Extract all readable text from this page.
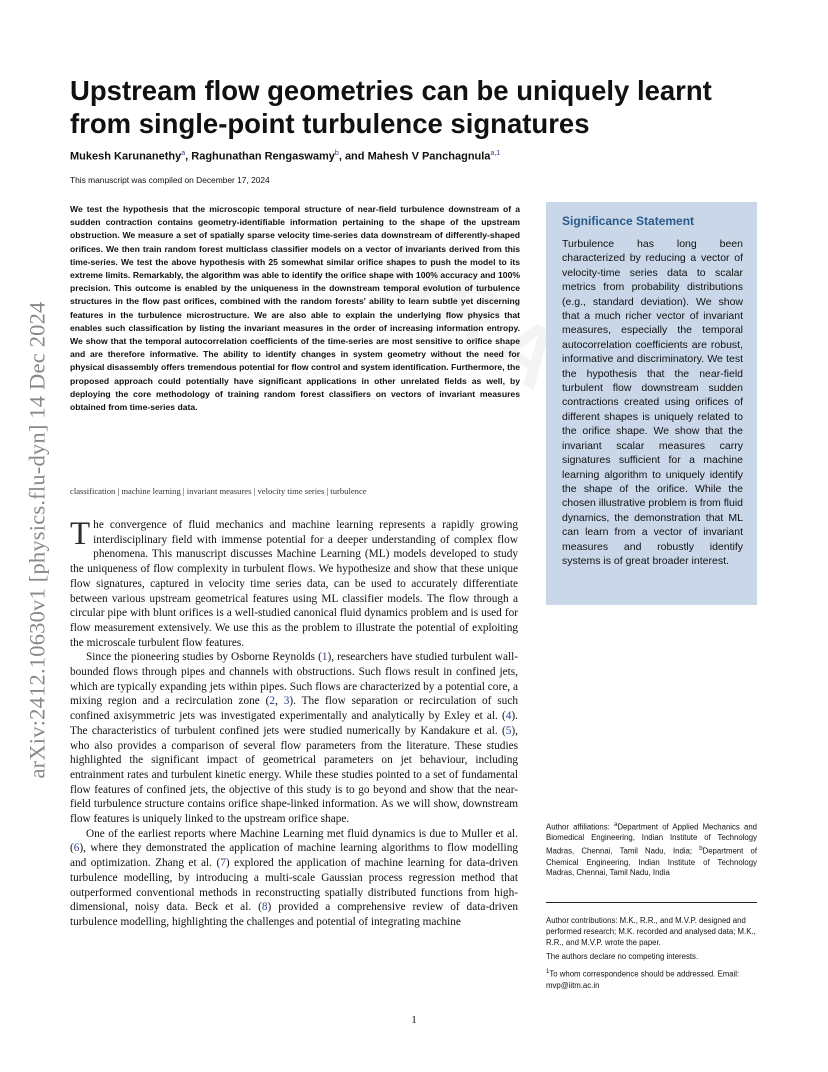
arXiv:2412.10630v1 [physics.flu-dyn] 14 Dec 2024
Upstream flow geometries can be uniquely learnt from single-point turbulence signatures
Mukesh Karunanethy$^a$, Raghunathan Rengaswamy$^b$, and Mahesh V Panchagnula$^{a,1}$
This manuscript was compiled on December 17, 2024

We test the hypothesis that the microscopic temporal structure of near-field turbulence downstream of a sudden contraction contains geometry-identifiable information pertaining to the shape of the upstream obstruction. We measure a set of spatially sparse velocity time-series data downstream of differently-shaped orifices. We then train random forest multiclass classifier models on a vector of invariants derived from this time-series. We test the above hypothesis with 25 somewhat similar orifice shapes to push the model to its extreme limits. Remarkably, the algorithm was able to identify the orifice shape with 100% accuracy and 100% precision. This outcome is enabled by the uniqueness in the downstream temporal evolution of turbulence structures in the flow past orifices, combined with the random forests' ability to learn subtle yet discerning features in the turbulence microstructure. We are also able to explain the underlying flow physics that enables such classification by listing the invariant measures in the order of increasing information entropy. We show that the temporal autocorrelation coefficients of the time-series are most sensitive to orifice shape and are therefore informative. The ability to identify changes in system geometry without the need for physical disassembly offers tremendous potential for flow control and system identification. Furthermore, the proposed approach could potentially have significant applications in other unrelated fields as well, by deploying the core methodology of training random forest classifiers on vectors of invariant measures obtained from time-series data.

classification | machine learning | invariant measures | velocity time series | turbulence

The convergence of fluid mechanics and machine learning represents a rapidly growing interdisciplinary field with immense potential for a deeper understanding of complex flow phenomena. This manuscript discusses Machine Learning (ML) models developed to study the uniqueness of flow complexity in turbulent flows. We hypothesize and show that these unique flow signatures, captured in velocity time series data, can be used to accurately differentiate between various upstream geometrical features using ML classifier models. The flow through a circular pipe with blunt orifices is a well-studied canonical fluid dynamics problem and is used for flow measurement extensively. We use this as the problem to illustrate the potential of exploiting the microscale turbulent flow features.

Since the pioneering studies by Osborne Reynolds (1), researchers have studied turbulent wall-bounded flows through pipes and channels with obstructions. Such flows result in confined jets, which are typically expanding jets within pipes. Such flows are characterized by a potential core, a mixing region and a recirculation zone (2, 3). The flow separation or recirculation of such confined axisymmetric jets was investigated experimentally and analytically by Exley et al. (4). The characteristics of turbulent confined jets were studied numerically by Kandakure et al. (5), who also provides a comparison of several flow parameters from the literature. These studies highlighted the significant impact of geometrical parameters on jet behaviour, including entrainment rates and turbulent kinetic energy. While these studies pointed to a set of fundamental flow features of confined jets, the objective of this study is to go beyond and show that the near-field turbulence structure contains orifice shape-linked information. As we will show, downstream flow features is uniquely linked to the upstream orifice shape.

One of the earliest reports where Machine Learning met fluid dynamics is due to Muller et al. (6), where they demonstrated the application of machine learning algorithms to flow modelling and optimization. Zhang et al. (7) explored the application of machine learning for data-driven turbulence modelling, by introducing a multi-scale Gaussian process regression method that outperformed conventional methods in reconstructing spatially distributed functions from high-dimensional, noisy data. Beck et al. (8) provided a comprehensive review of data-driven turbulence modelling, highlighting the challenges and potential of integrating machine

Significance Statement

Turbulence has long been characterized by reducing a vector of velocity-time series data to scalar metrics from probability distributions (e.g., standard deviation). We show that a much richer vector of invariant measures, especially the temporal autocorrelation coefficients are robust, informative and discriminatory. We test the hypothesis that the near-field turbulent flow downstream sudden contractions created using orifices of different shapes is uniquely related to the orifice shape. We show that the invariant scalar measures carry signatures sufficient for a machine learning algorithm to uniquely identify the shape of the orifice. While the chosen illustrative problem is from fluid dynamics, the demonstration that ML can learn from a vector of invariant measures and robustly identify systems is of great broader interest.

Author affiliations: $^a$Department of Applied Mechanics and Biomedical Engineering, Indian Institute of Technology Madras, Chennai, Tamil Nadu, India; $^b$Department of Chemical Engineering, Indian Institute of Technology Madras, Chennai, Tamil Nadu, India

Author contributions: M.K., R.R., and M.V.P. designed and performed research; M.K. recorded and analysed data; M.K., R.R., and M.V.P. wrote the paper.

The authors declare no competing interests.

$^1$To whom correspondence should be addressed. Email: mvp@iitm.ac.in

1
